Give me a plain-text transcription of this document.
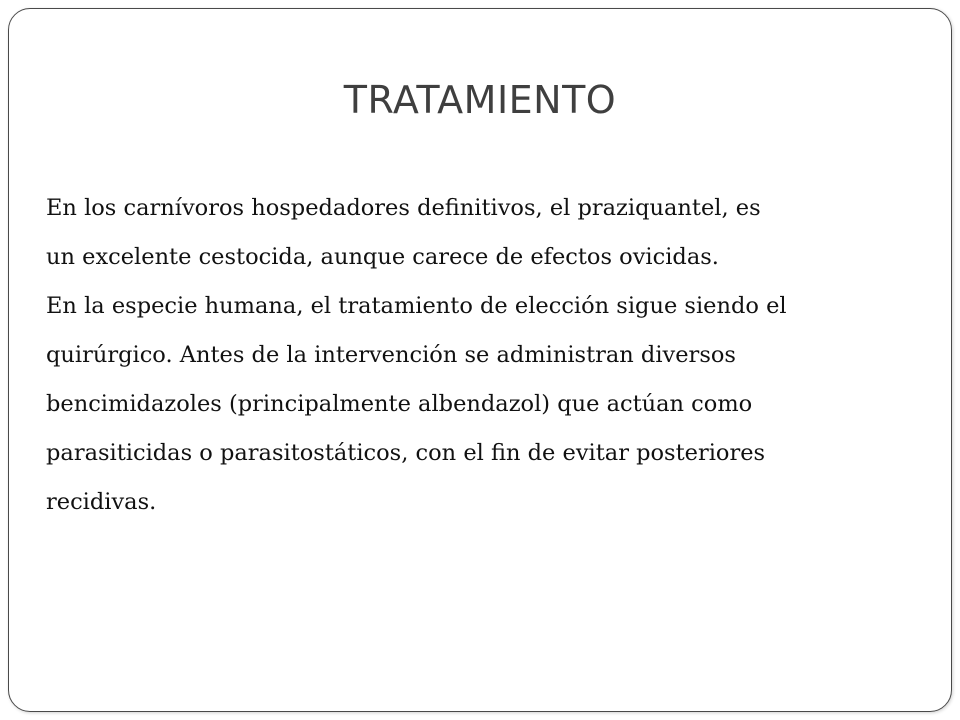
TRATAMIENTO
En los carnívoros hospedadores definitivos, el praziquantel, es
un excelente cestocida, aunque carece de efectos ovicidas.
En la especie humana, el tratamiento de elección sigue siendo el
quirúrgico. Antes de la intervención se administran diversos
bencimidazoles (principalmente albendazol) que actúan como
parasiticidas o parasitostáticos, con el fin de evitar posteriores
recidivas.
